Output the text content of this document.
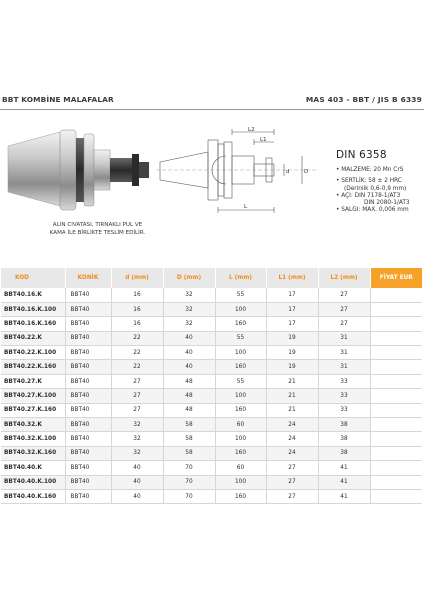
BBT KOMBİNE MALAFALAR	MAS 403 - BBT / JIS B 6339
L2
L1
L
d	D
ALIN CIVATASI, TIRNAKLI PUL VE
KAMA İLE BİRLİKTE TESLİM EDİLİR.
DIN 6358
• MALZEME: 20 Mn CrS
• SERTLİK: 58 ± 2 HRC
(Derinlik 0,6-0,9 mm)
• AÇI: DIN 7178-1/AT3
DIN 2080-1/AT3
• SALGI: MAX. 0,006 mm
KOD	KONİK	d (mm)	D (mm)	L (mm)	L1 (mm)	L2 (mm)	FİYAT EUR
BBT40.16.K	BBT40	16	32	55	17	27	
BBT40.16.K.100	BBT40	16	32	100	17	27	
BBT40.16.K.160	BBT40	16	32	160	17	27	
BBT40.22.K	BBT40	22	40	55	19	31	
BBT40.22.K.100	BBT40	22	40	100	19	31	
BBT40.22.K.160	BBT40	22	40	160	19	31	
BBT40.27.K	BBT40	27	48	55	21	33	
BBT40.27.K.100	BBT40	27	48	100	21	33	
BBT40.27.K.160	BBT40	27	48	160	21	33	
BBT40.32.K	BBT40	32	58	60	24	38	
BBT40.32.K.100	BBT40	32	58	100	24	38	
BBT40.32.K.160	BBT40	32	58	160	24	38	
BBT40.40.K	BBT40	40	70	60	27	41	
BBT40.40.K.100	BBT40	40	70	100	27	41	
BBT40.40.K.160	BBT40	40	70	160	27	41	
